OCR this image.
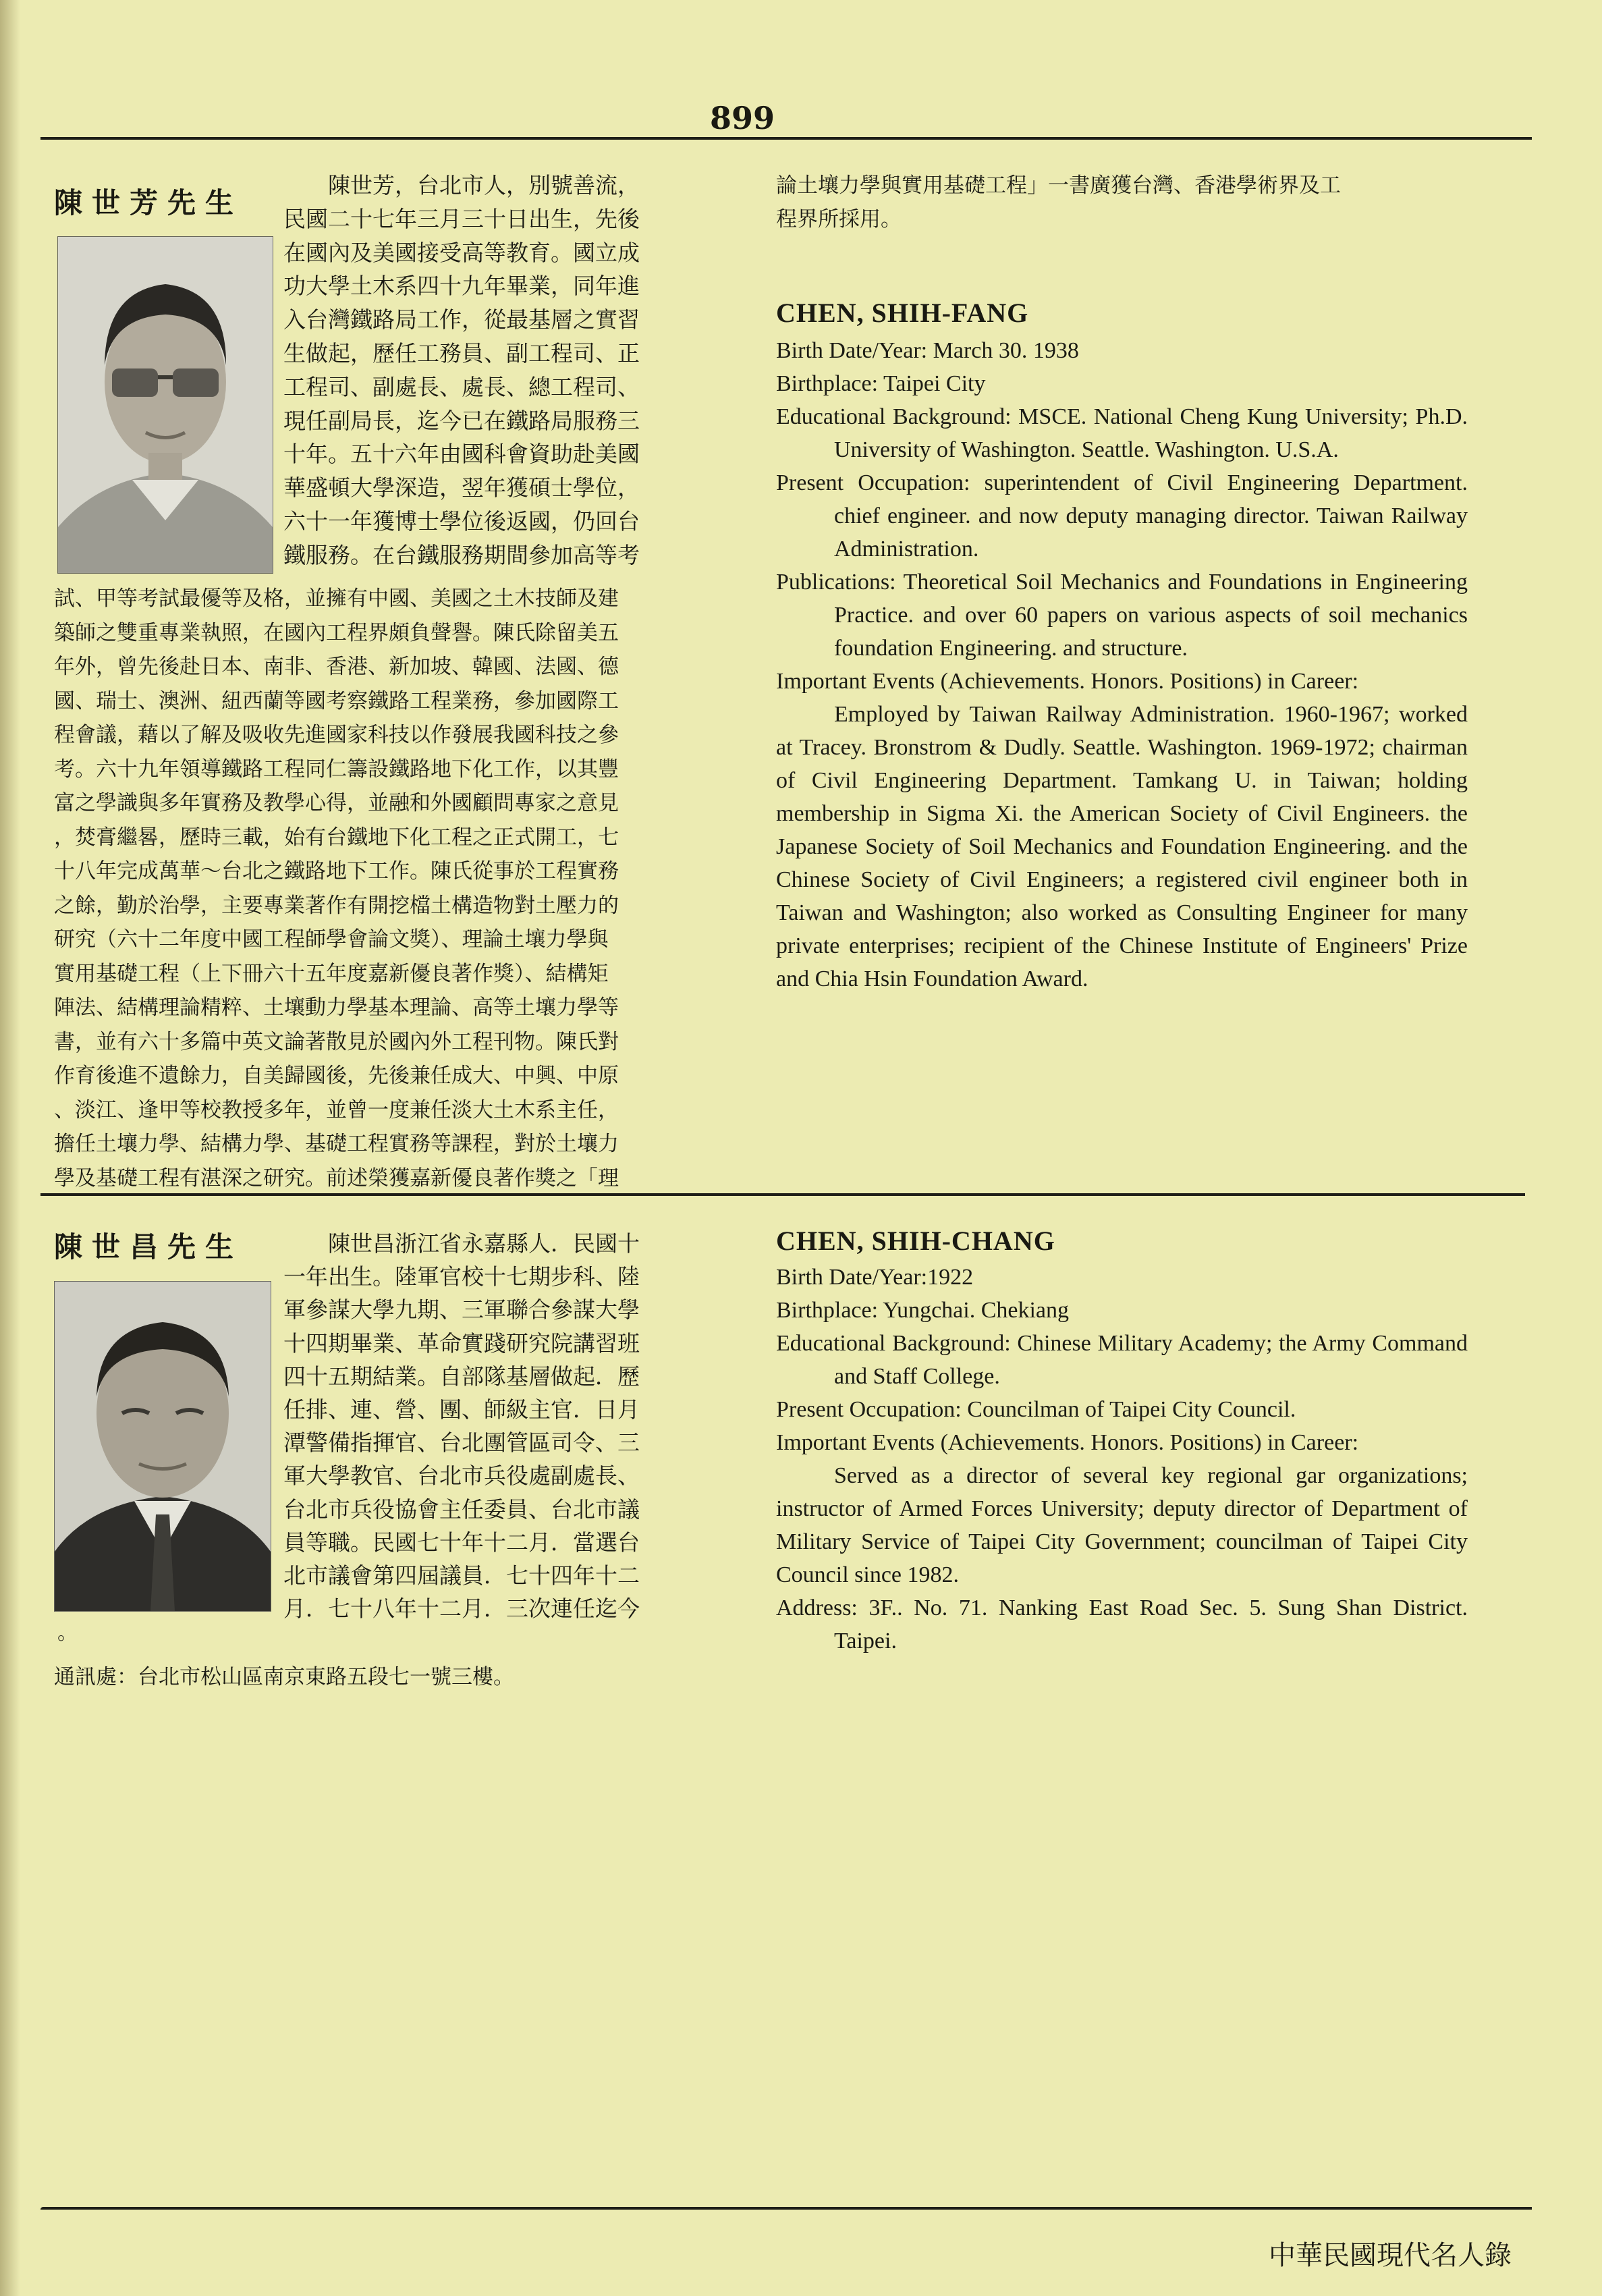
899
陳世芳先生

　　陳世芳，台北市人，別號善流，

民國二十七年三月三十日出生，先後

在國內及美國接受高等教育。國立成

功大學土木系四十九年畢業，同年進

入台灣鐵路局工作，從最基層之實習

生做起，歷任工務員、副工程司、正

工程司、副處長、處長、總工程司、

現任副局長，迄今已在鐵路局服務三

十年。五十六年由國科會資助赴美國

華盛頓大學深造，翌年獲碩士學位，

六十一年獲博士學位後返國，仍回台

鐵服務。在台鐵服務期間參加高等考

試、甲等考試最優等及格，並擁有中國、美國之土木技師及建

築師之雙重專業執照，在國內工程界頗負聲譽。陳氏除留美五

年外，曾先後赴日本、南非、香港、新加坡、韓國、法國、德

國、瑞士、澳洲、紐西蘭等國考察鐵路工程業務，參加國際工

程會議，藉以了解及吸收先進國家科技以作發展我國科技之參

考。六十九年領導鐵路工程同仁籌設鐵路地下化工作，以其豐

富之學識與多年實務及教學心得，並融和外國顧問專家之意見

，焚膏繼晷，歷時三載，始有台鐵地下化工程之正式開工，七

十八年完成萬華～台北之鐵路地下工作。陳氏從事於工程實務

之餘，勤於治學，主要專業著作有開挖檔土構造物對土壓力的

研究（六十二年度中國工程師學會論文獎）、理論土壤力學與

實用基礎工程（上下冊六十五年度嘉新優良著作獎）、結構矩

陣法、結構理論精粹、土壤動力學基本理論、高等土壤力學等

書，並有六十多篇中英文論著散見於國內外工程刊物。陳氏對

作育後進不遺餘力，自美歸國後，先後兼任成大、中興、中原

、淡江、逢甲等校教授多年，並曾一度兼任淡大土木系主任，

擔任土壤力學、結構力學、基礎工程實務等課程，對於土壤力

學及基礎工程有湛深之研究。前述榮獲嘉新優良著作獎之「理

論土壤力學與實用基礎工程」一書廣獲台灣、香港學術界及工

程界所採用。

CHEN, SHIH-FANG

Birth Date/Year: March 30. 1938

Birthplace: Taipei City

Educational Background: MSCE. National Cheng Kung University; Ph.D. University of Washington. Seattle. Washington. U.S.A.

Present Occupation: superintendent of Civil Engineering Department. chief engineer. and now deputy managing director. Taiwan Railway Administration.

Publications: Theoretical Soil Mechanics and Foundations in Engineering Practice. and over 60 papers on various aspects of soil mechanics foundation Engineering. and structure.

Important Events (Achievements. Honors. Positions) in Career:

Employed by Taiwan Railway Administration. 1960-1967; worked at Tracey. Bronstrom & Dudly. Seattle. Washington. 1969-1972; chairman of Civil Engineering Department. Tamkang U. in Taiwan; holding membership in Sigma Xi. the American Society of Civil Engineers. the Japanese Society of Soil Mechanics and Foundation Engineering. and the Chinese Society of Civil Engineers; a registered civil engineer both in Taiwan and Washington; also worked as Consulting Engineer for many private enterprises; recipient of the Chinese Institute of Engineers' Prize and Chia Hsin Foundation Award.

陳世昌先生 　　陳世昌浙江省永嘉縣人．民國十

一年出生。陸軍官校十七期步科、陸

軍參謀大學九期、三軍聯合參謀大學

十四期畢業、革命實踐研究院講習班

四十五期結業。自部隊基層做起．歷

任排、連、營、團、師級主官．日月

潭警備指揮官、台北團管區司令、三

軍大學教官、台北市兵役處副處長、

台北市兵役協會主任委員、台北市議

員等職。民國七十年十二月．當選台

北市議會第四屆議員．七十四年十二

月．七十八年十二月．三次連任迄今

。
通訊處：台北市松山區南京東路五段七一號三樓。
CHEN, SHIH-CHANG

Birth Date/Year:1922

Birthplace: Yungchai. Chekiang

Educational Background: Chinese Military Academy; the Army Command and Staff College.

Present Occupation: Councilman of Taipei City Council.

Important Events (Achievements. Honors. Positions) in Career:

Served as a director of several key regional gar organizations; instructor of Armed Forces University; deputy director of Department of Military Service of Taipei City Government; councilman of Taipei City Council since 1982.

Address: 3F.. No. 71. Nanking East Road Sec. 5. Sung Shan District. Taipei.

中華民國現代名人錄
